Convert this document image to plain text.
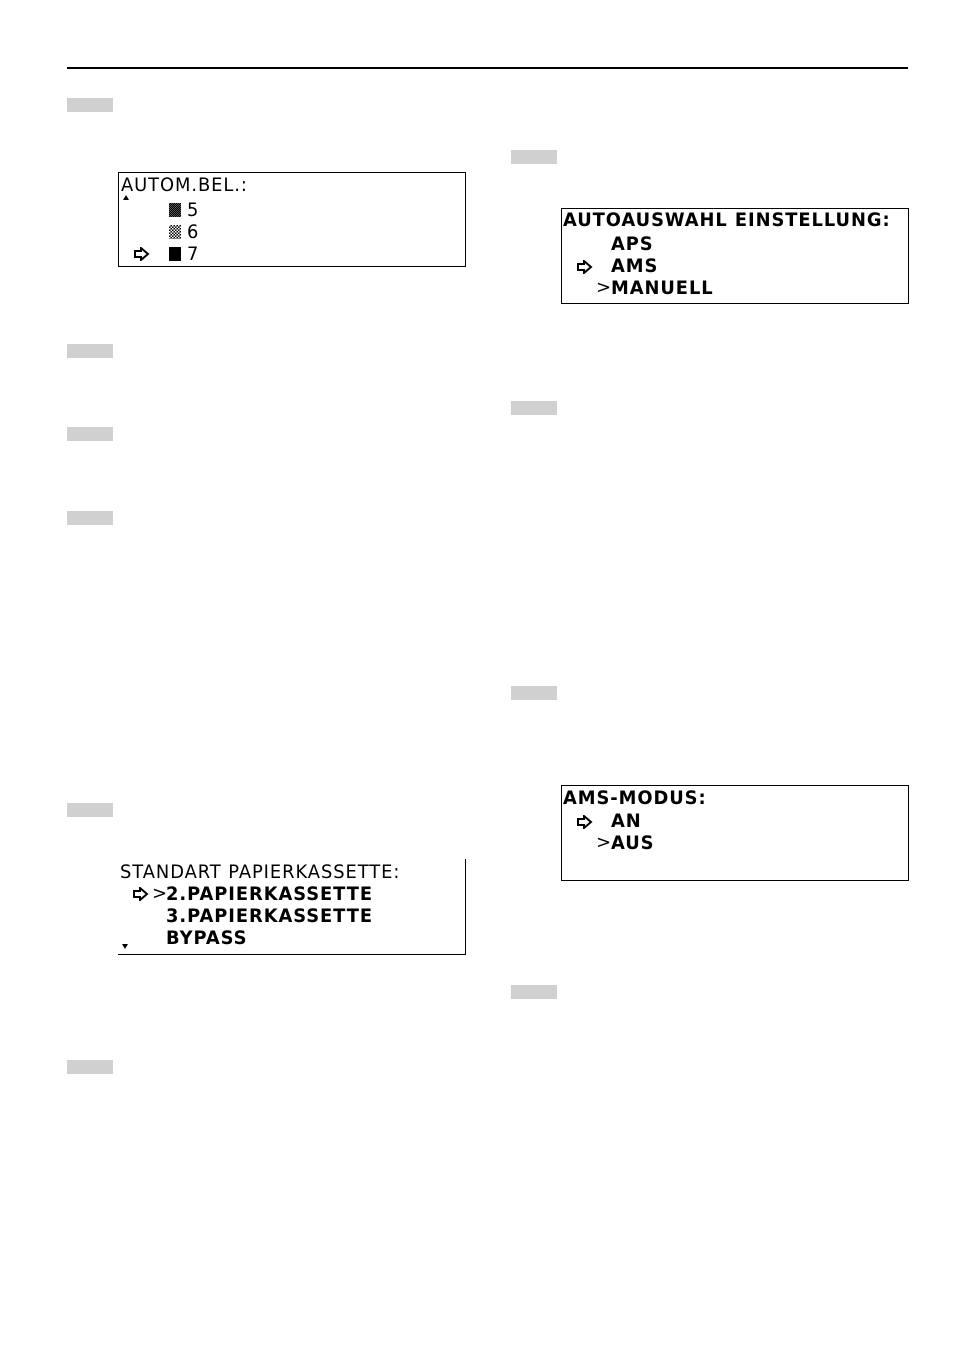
AUTOM.BEL.:
5
6
7
STANDART PAPIERKASSETTE:
>
2.PAPIERKASSETTE
3.PAPIERKASSETTE
BYPASS
AUTOAUSWAHL EINSTELLUNG:
APS
AMS
> MANUELL
AMS-MODUS:
AN
> AUS
